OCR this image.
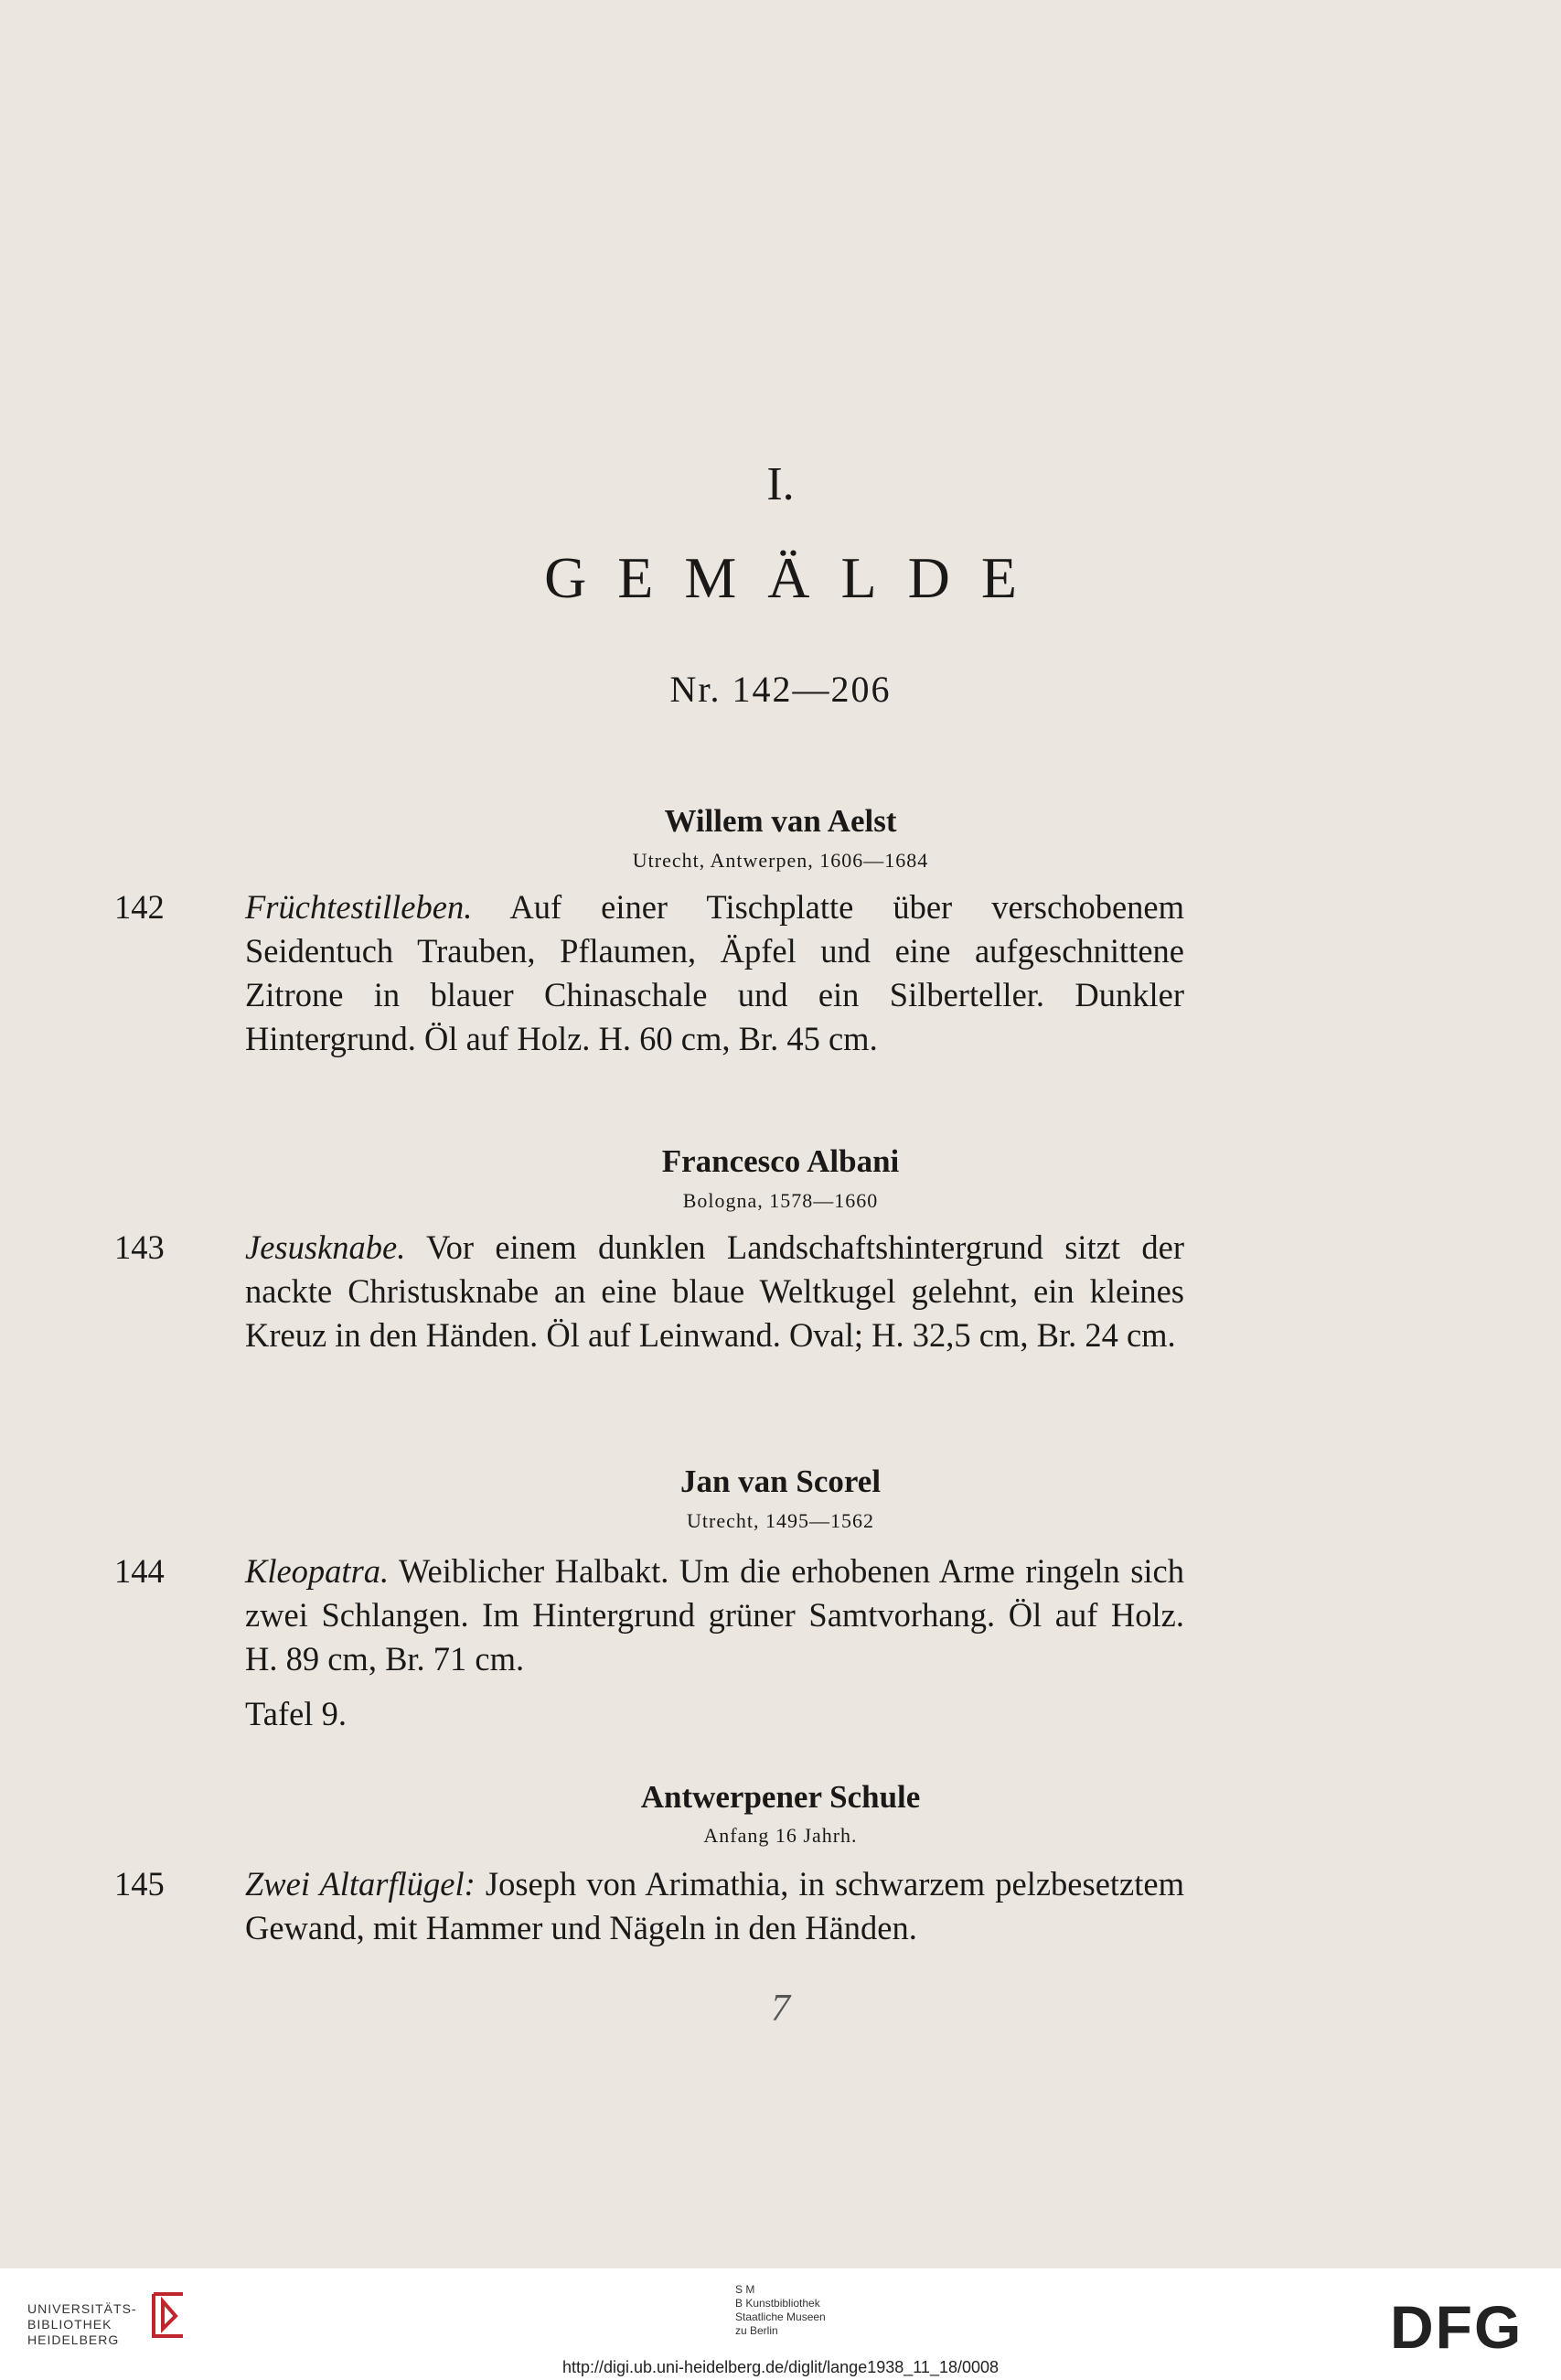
I.
GEMÄLDE
Nr. 142—206
Willem van Aelst
Utrecht, Antwerpen, 1606—1684
142	Früchtestilleben. Auf einer Tischplatte über verschobenem Seidentuch Trauben, Pflaumen, Äpfel und eine aufgeschnittene Zitrone in blauer Chinaschale und ein Silberteller. Dunkler Hintergrund. Öl auf Holz. H. 60 cm, Br. 45 cm.
Francesco Albani
Bologna, 1578—1660
143	Jesusknabe. Vor einem dunklen Landschaftshintergrund sitzt der nackte Christusknabe an eine blaue Weltkugel gelehnt, ein kleines Kreuz in den Händen. Öl auf Leinwand. Oval; H. 32,5 cm, Br. 24 cm.
Jan van Scorel
Utrecht, 1495—1562
144	Kleopatra. Weiblicher Halbakt. Um die erhobenen Arme ringeln sich zwei Schlangen. Im Hintergrund grüner Samtvorhang. Öl auf Holz. H. 89 cm, Br. 71 cm.
Tafel 9.
Antwerpener Schule
Anfang 16 Jahrh.
145	Zwei Altarflügel: Joseph von Arimathia, in schwarzem pelzbesetztem Gewand, mit Hammer und Nägeln in den Händen.
7
UNIVERSITÄTS-
BIBLIOTHEK
HEIDELBERG
S M
B Kunstbibliothek
Staatliche Museen
zu Berlin	DFG
http://digi.ub.uni-heidelberg.de/diglit/lange1938_11_18/0008
